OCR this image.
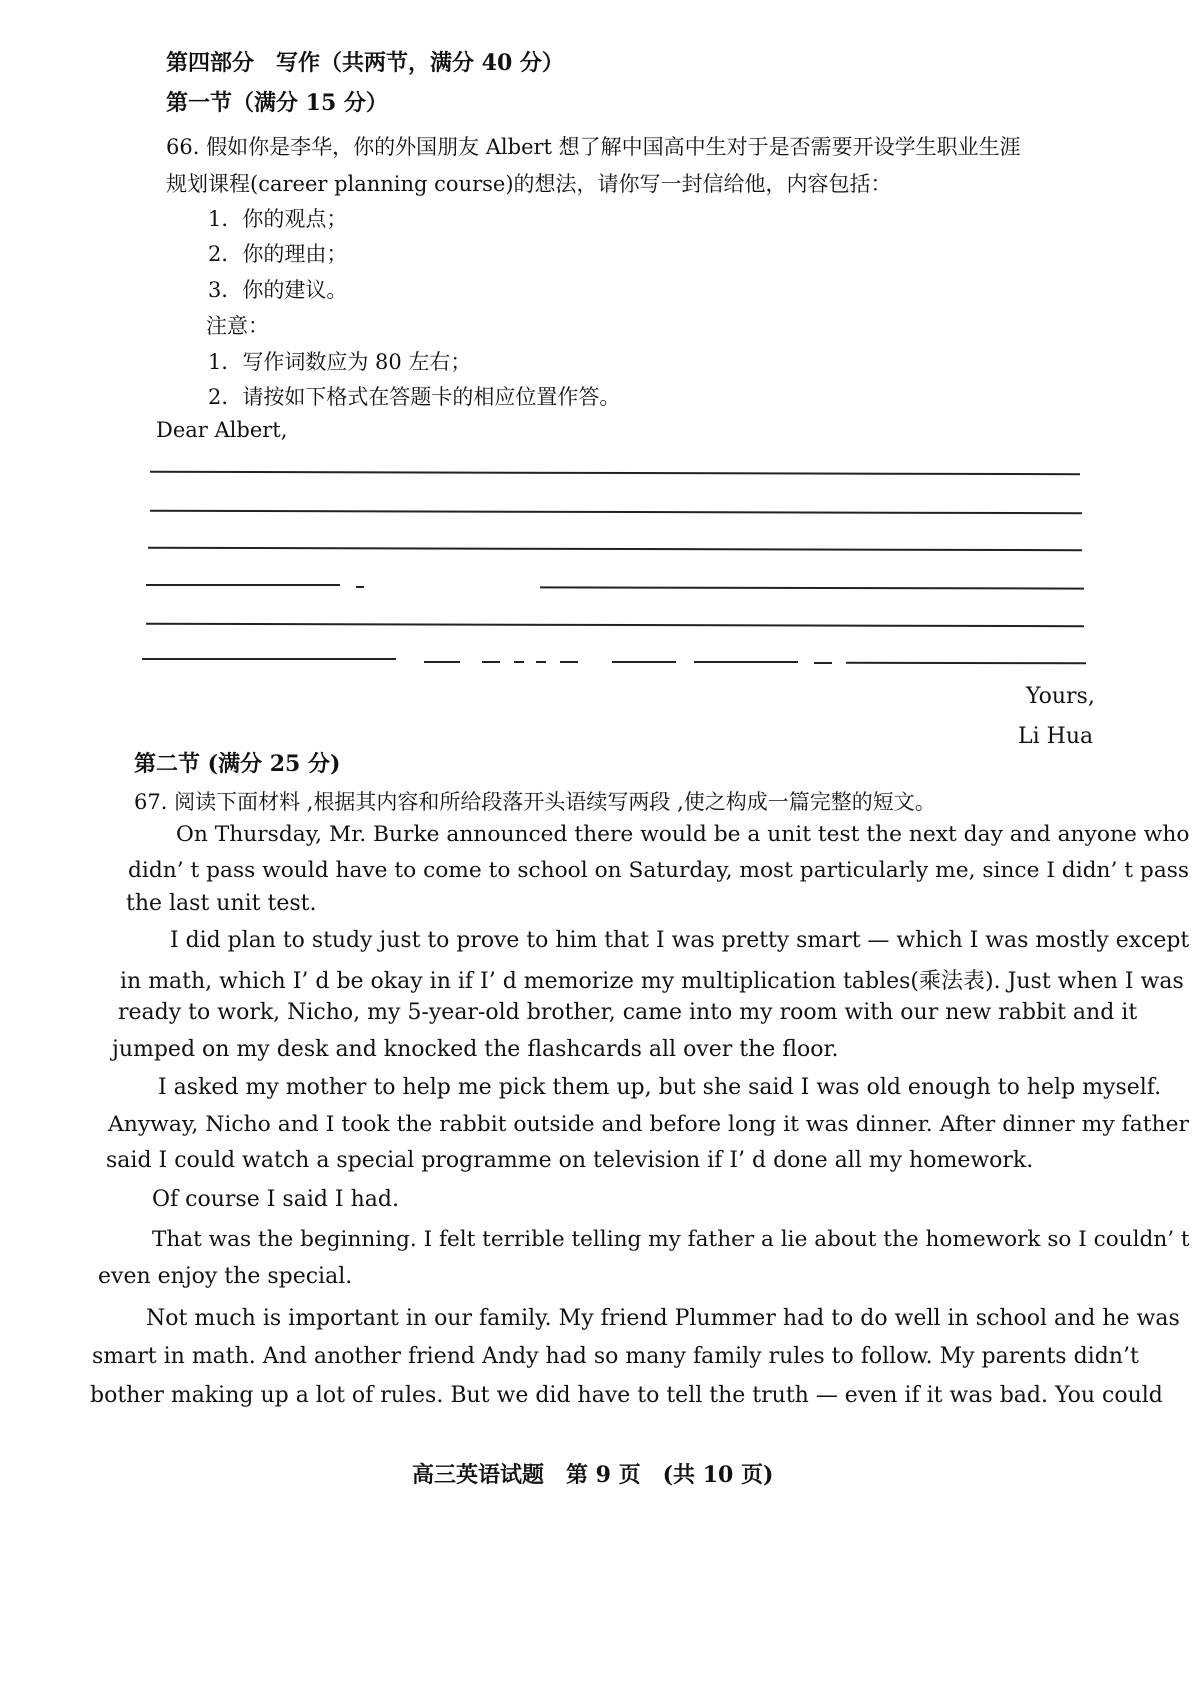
第四部分　写作（共两节，满分 40 分）
第一节（满分 15 分）
66. 假如你是李华，你的外国朋友 Albert 想了解中国高中生对于是否需要开设学生职业生涯
规划课程(career planning course)的想法，请你写一封信给他，内容包括：
1．你的观点；
2．你的理由；
3．你的建议。
注意：
1．写作词数应为 80 左右；
2．请按如下格式在答题卡的相应位置作答。
Dear Albert,
Yours,
Li Hua
第二节 (满分 25 分)
67. 阅读下面材料 ,根据其内容和所给段落开头语续写两段 ,使之构成一篇完整的短文。
On Thursday, Mr. Burke announced there would be a unit test the next day and anyone who
didn’ t pass would have to come to school on Saturday, most particularly me, since I didn’ t pass
the last unit test.
I did plan to study just to prove to him that I was pretty smart — which I was mostly except
in math, which I’ d be okay in if I’ d memorize my multiplication tables(乘法表). Just when I was
ready to work, Nicho, my 5-year-old brother, came into my room with our new rabbit and it
jumped on my desk and knocked the flashcards all over the floor.
I asked my mother to help me pick them up, but she said I was old enough to help myself.
Anyway, Nicho and I took the rabbit outside and before long it was dinner. After dinner my father
said I could watch a special programme on television if I’ d done all my homework.
Of course I said I had.
That was the beginning. I felt terrible telling my father a lie about the homework so I couldn’ t
even enjoy the special.
Not much is important in our family. My friend Plummer had to do well in school and he was
smart in math. And another friend Andy had so many family rules to follow. My parents didn’t
bother making up a lot of rules. But we did have to tell the truth — even if it was bad. You could
高三英语试题　第 9 页　(共 10 页)
